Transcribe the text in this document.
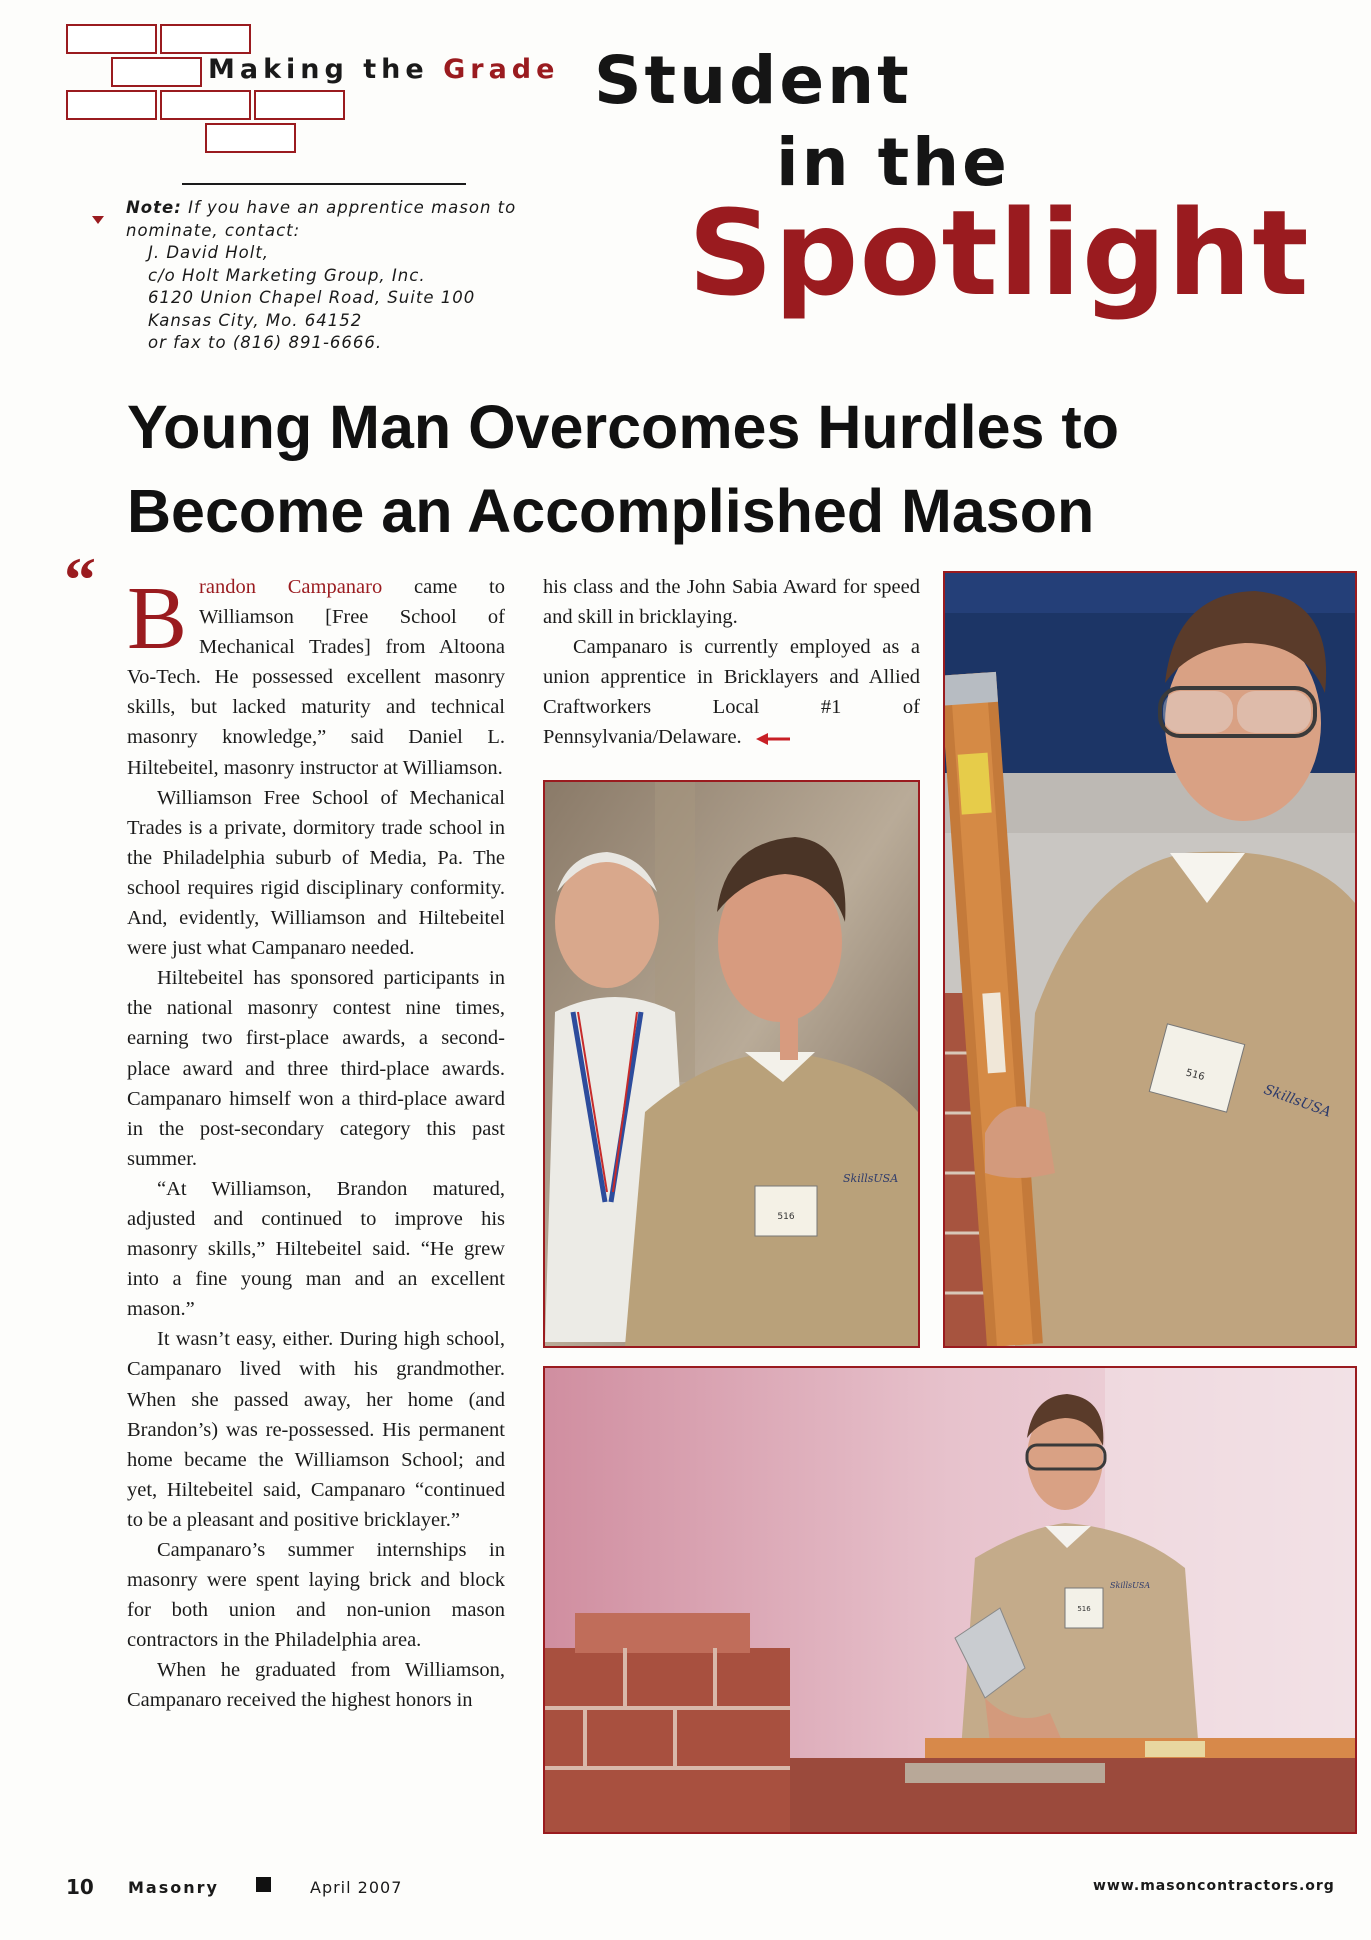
Making the Grade
Note: If you have an apprentice mason to
nominate, contact:
J. David Holt,
c/o Holt Marketing Group, Inc.
6120 Union Chapel Road, Suite 100
Kansas City, Mo. 64152
or fax to (816) 891-6666.
Student
in the
Spotlight
Young Man Overcomes Hurdles to Become an Accomplished Mason
“ Brandon Campanaro came to Williamson [Free School of Mechanical Trades] from Altoona Vo-Tech. He possessed excellent masonry skills, but lacked maturity and technical masonry knowledge,” said Daniel L. Hiltebeitel, masonry instructor at Williamson.

Williamson Free School of Mechanical Trades is a private, dormitory trade school in the Philadelphia suburb of Media, Pa. The school requires rigid disciplinary conformity. And, evidently, Williamson and Hiltebeitel were just what Campanaro needed.

Hiltebeitel has sponsored participants in the national masonry contest nine times, earning two first-place awards, a second-place award and three third-place awards. Campanaro himself won a third-place award in the post-secondary category this past summer.

“At Williamson, Brandon matured, adjusted and continued to improve his masonry skills,” Hiltebeitel said. “He grew into a fine young man and an excellent mason.”

It wasn’t easy, either. During high school, Campanaro lived with his grandmother. When she passed away, her home (and Brandon’s) was re-possessed. His permanent home became the Williamson School; and yet, Hiltebeitel said, Campanaro “continued to be a pleasant and positive bricklayer.”

Campanaro’s summer internships in masonry were spent laying brick and block for both union and non-union mason contractors in the Philadelphia area.

When he graduated from Williamson, Campanaro received the highest honors in

his class and the John Sabia Award for speed and skill in bricklaying.

Campanaro is currently employed as a union apprentice in Bricklayers and Allied Craftworkers Local #1 of Pennsylvania/Delaware.

516
SkillsUSA
516
SkillsUSA
516
SkillsUSA
10 Masonry	April 2007	www.masoncontractors.org
